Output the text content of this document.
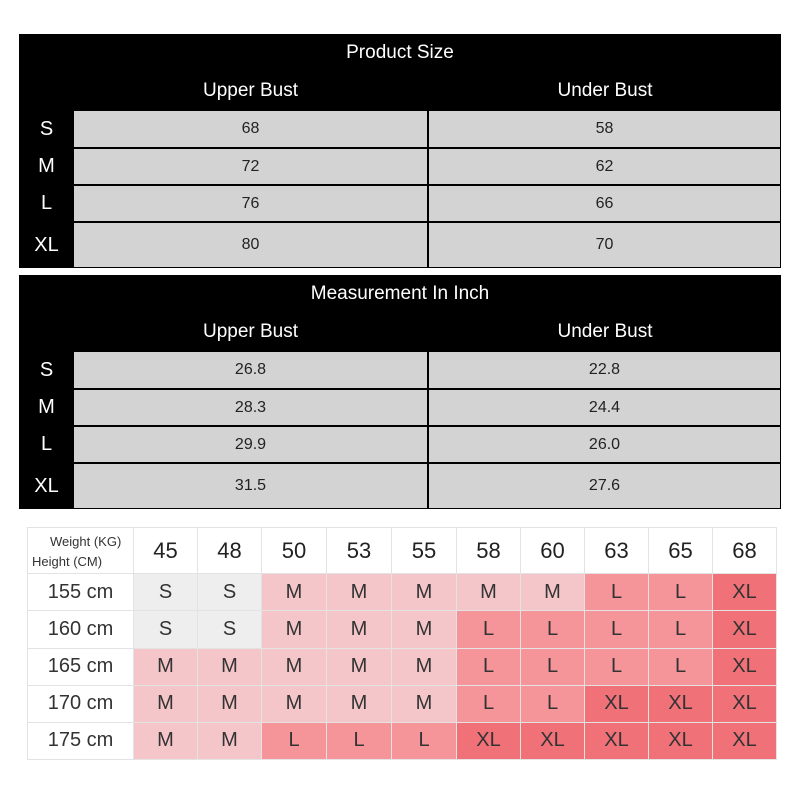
Product Size
Upper Bust	Under Bust
S	68	58
M	72	62
L	76	66
XL	80	70
Measurement In Inch
Upper Bust	Under Bust
S	26.8	22.8
M	28.3	24.4
L	29.9	26.0
XL	31.5	27.6
Weight (KG)
Height (CM)	45	48	50	53	55	58	60	63	65	68
155 cm	S	S	M	M	M	M	M	L	L	XL
160 cm	S	S	M	M	M	L	L	L	L	XL
165 cm	M	M	M	M	M	L	L	L	L	XL
170 cm	M	M	M	M	M	L	L	XL	XL	XL
175 cm	M	M	L	L	L	XL	XL	XL	XL	XL
